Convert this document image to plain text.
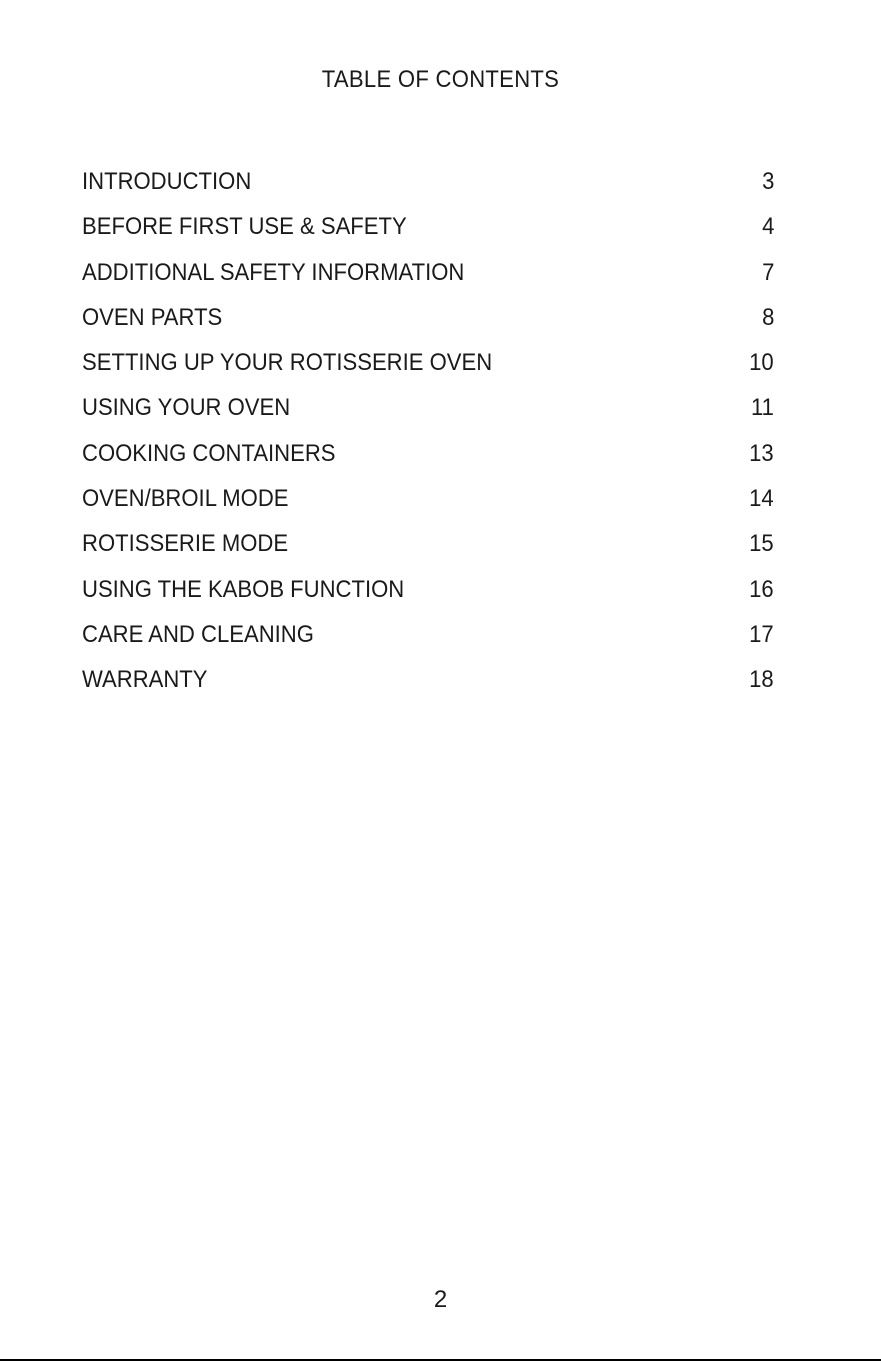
TABLE OF CONTENTS
INTRODUCTION	3
BEFORE FIRST USE & SAFETY	4
ADDITIONAL SAFETY INFORMATION	7
OVEN PARTS	8
SETTING UP YOUR ROTISSERIE OVEN	10
USING YOUR OVEN	11
COOKING CONTAINERS	13
OVEN/BROIL MODE	14
ROTISSERIE MODE	15
USING THE KABOB FUNCTION	16
CARE AND CLEANING	17
WARRANTY	18
2
